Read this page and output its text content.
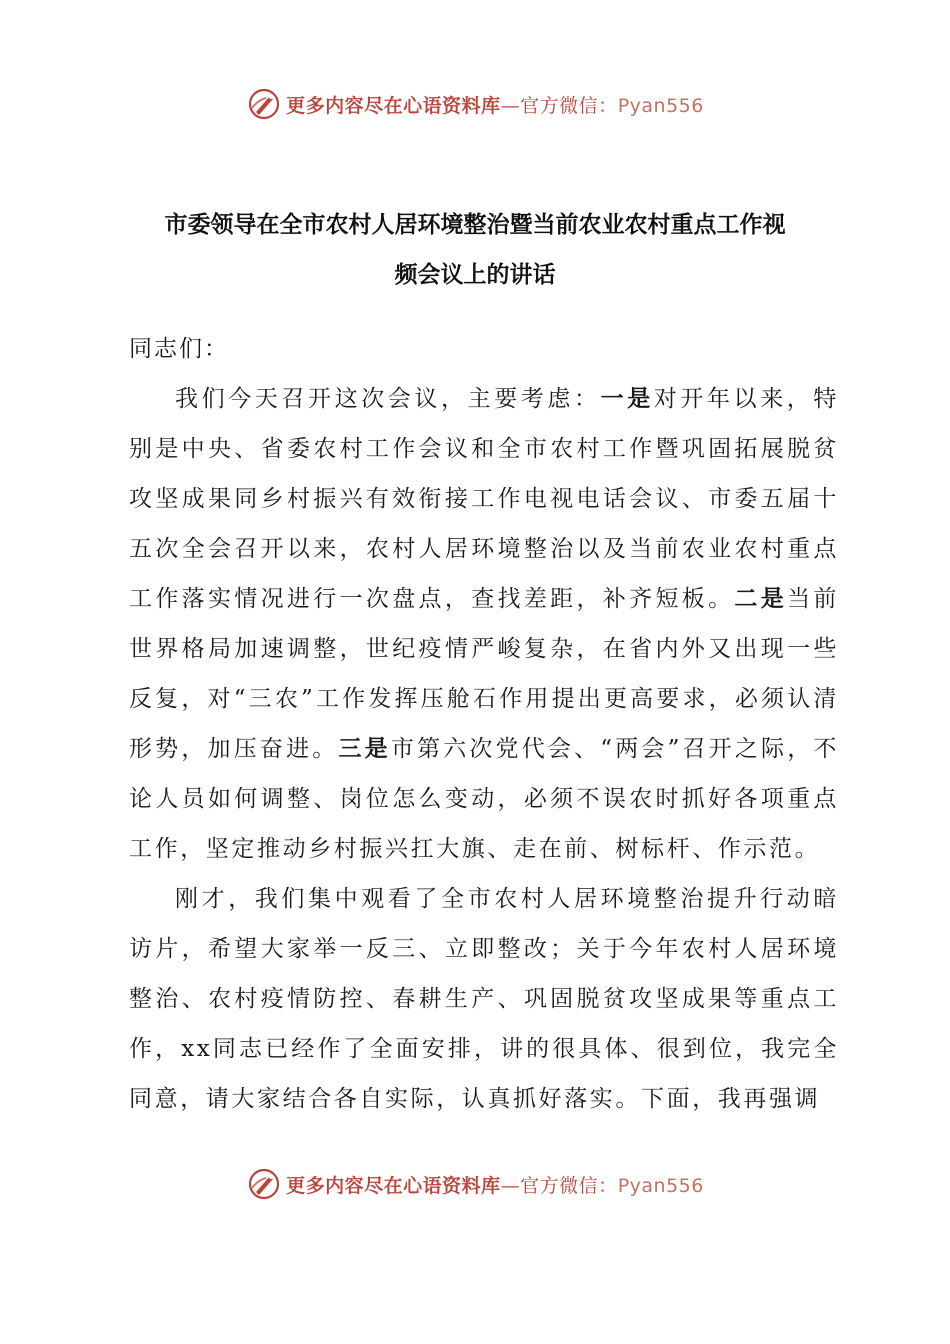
更多内容尽在心语资料库—官方微信：Pyan556
市委领导在全市农村人居环境整治暨当前农业农村重点工作视
频会议上的讲话

同志们：

我们今天召开这次会议，主要考虑：一是对开年以来，特别是中央、省委农村工作会议和全市农村工作暨巩固拓展脱贫攻坚成果同乡村振兴有效衔接工作电视电话会议、市委五届十五次全会召开以来，农村人居环境整治以及当前农业农村重点工作落实情况进行一次盘点，查找差距，补齐短板。二是当前世界格局加速调整，世纪疫情严峻复杂，在省内外又出现一些反复，对“三农”工作发挥压舱石作用提出更高要求，必须认清形势，加压奋进。三是市第六次党代会、“两会”召开之际，不论人员如何调整、岗位怎么变动，必须不误农时抓好各项重点工作，坚定推动乡村振兴扛大旗、走在前、树标杆、作示范。

刚才，我们集中观看了全市农村人居环境整治提升行动暗访片，希望大家举一反三、立即整改；关于今年农村人居环境整治、农村疫情防控、春耕生产、巩固脱贫攻坚成果等重点工作，xx同志已经作了全面安排，讲的很具体、很到位，我完全同意，请大家结合各自实际，认真抓好落实。下面，我再强调

更多内容尽在心语资料库—官方微信：Pyan556
